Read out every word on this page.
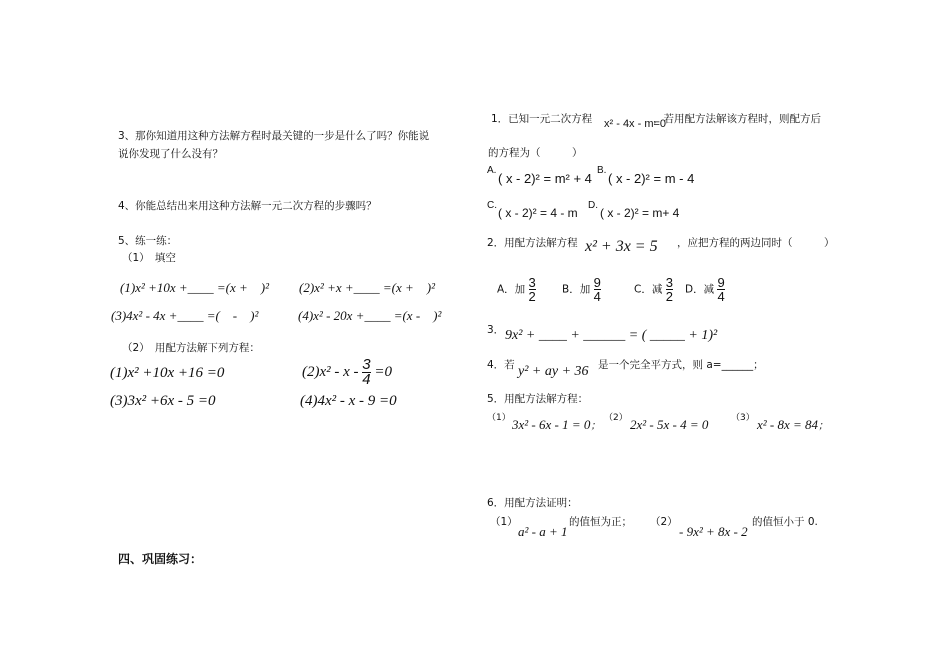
3、那你知道用这种方法解方程时最关键的一步是什么了吗？你能说
说你发现了什么没有？
4、你能总结出来用这种方法解一元二次方程的步骤吗？
5、练一练：
（1）　填空
(1)x² +10x +____ =(x +　)² (2)x² +x +____ =(x +　)²
(3)4x² - 4x +____ =(　-　)²	(4)x² - 20x +____ =(x -　)²
（2）　用配方法解下列方程：
(1)x² +10x +16 =0	$(2)x^2 - x - \frac{3}{4} =0$
(3)3x² +6x - 5 =0	(4)4x² - x - 9 =0
四、巩固练习：
1．已知一元二次方程 x² - 4x - m=0
，若用配方法解该方程时，则配方后
的方程为（　　　）
A.
( x - 2)² = m² + 4
B.
( x - 2)² = m - 4
C.
( x - 2)² = 4 - m
D.
( x - 2)² = m+ 4
2．用配方法解方程 x² + 3x = 5 ，应把方程的两边同时（　　　）
A．加 $\frac{3}{2}$ B．加 $\frac{9}{4}$	C．减 $\frac{3}{2}$ D．减 $\frac{9}{4}$
3． 9x² + ____ + ______ = ( _____ + 1)²
4．若 y² + ay + 36 是一个完全平方式，则 a=______；
5．用配方法解方程：
（1） 3x² - 6x - 1 = 0；
（2） 2x² - 5x - 4 = 0	（3） x² - 8x = 84；
6．用配方法证明：
（1）
a² - a + 1
的值恒为正； （2）
- 9x² + 8x - 2
的值恒小于 0.
